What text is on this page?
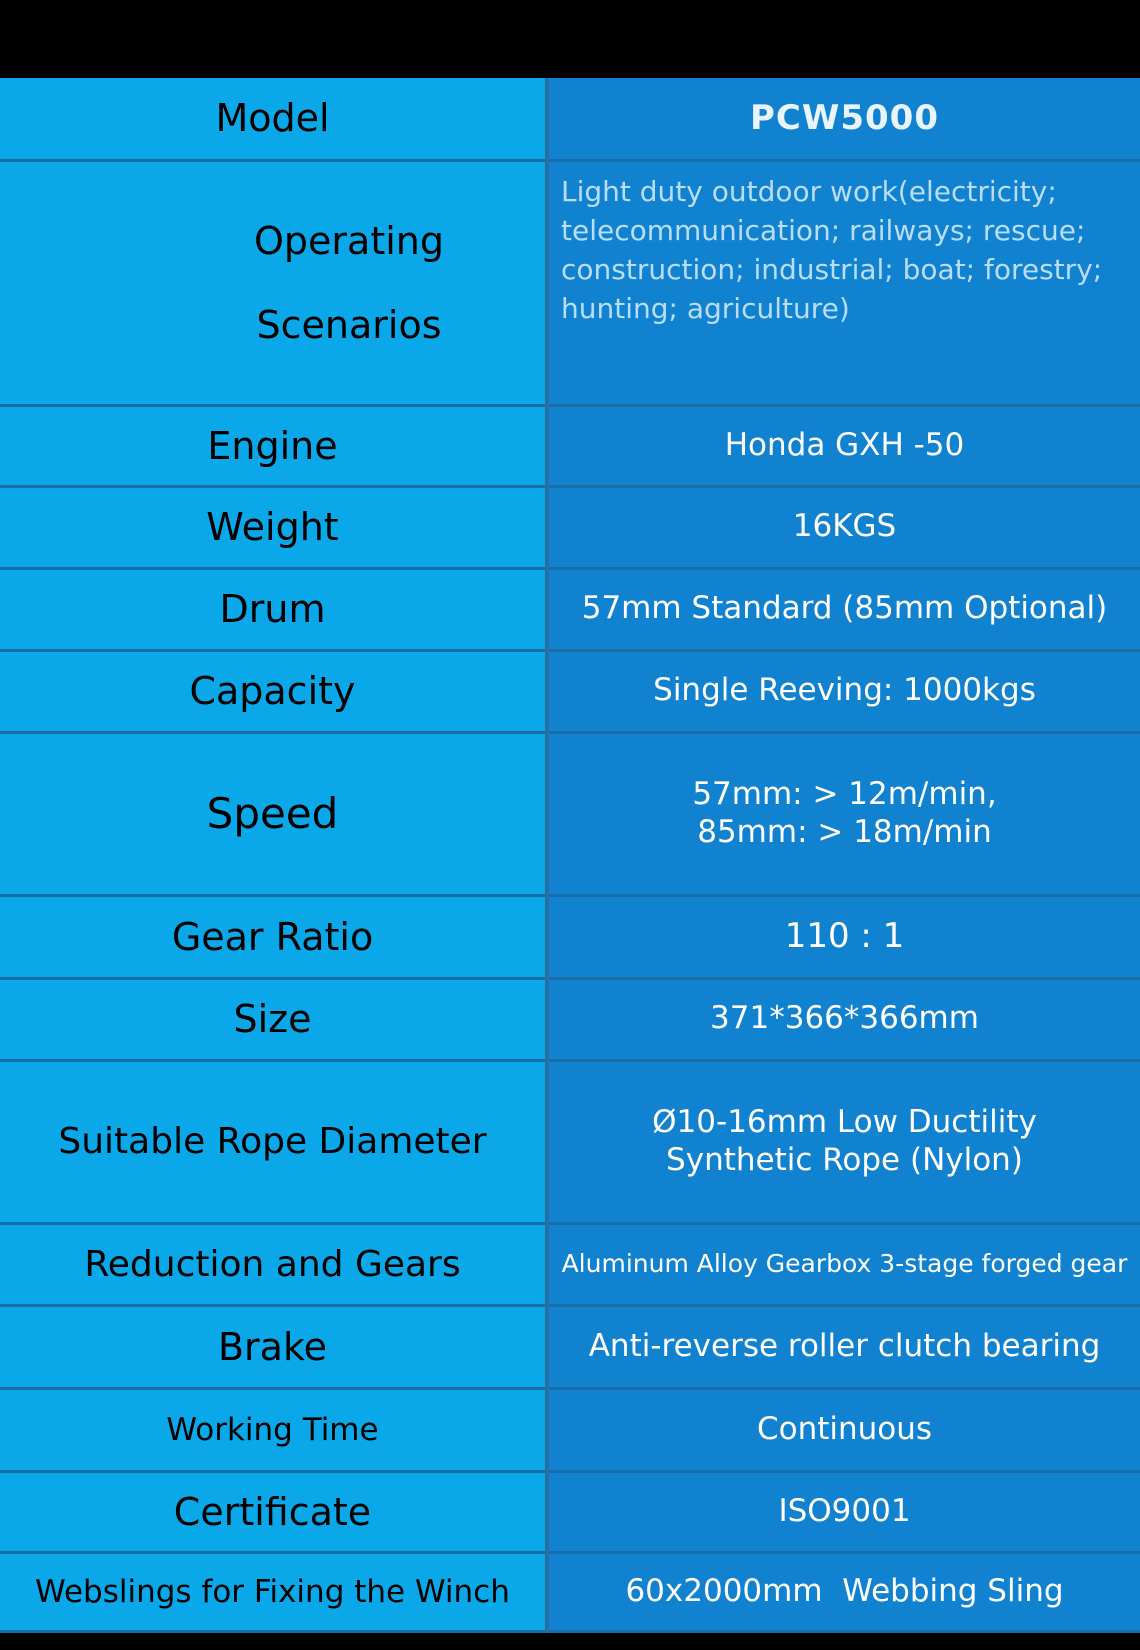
Model	PCW5000

Operating
Scenarios	Light duty outdoor work(electricity; telecommunication; railways; rescue; construction; industrial; boat; forestry; hunting; agriculture)
Engine	Honda GXH -50
Weight	16KGS
Drum	57mm Standard (85mm Optional)
Capacity	Single Reeving: 1000kgs
Speed	57mm: > 12m/min,
85mm: > 18m/min

Gear Ratio	110 : 1
Size	371*366*366mm
Suitable Rope Diameter	Ø10-16mm Low Ductility
Synthetic Rope (Nylon)

Reduction and Gears	Aluminum Alloy Gearbox 3-stage forged gear
Brake	Anti-reverse roller clutch bearing
Working Time	Continuous
Certificate	ISO9001
Webslings for Fixing the Winch	60x2000mm  Webbing Sling
